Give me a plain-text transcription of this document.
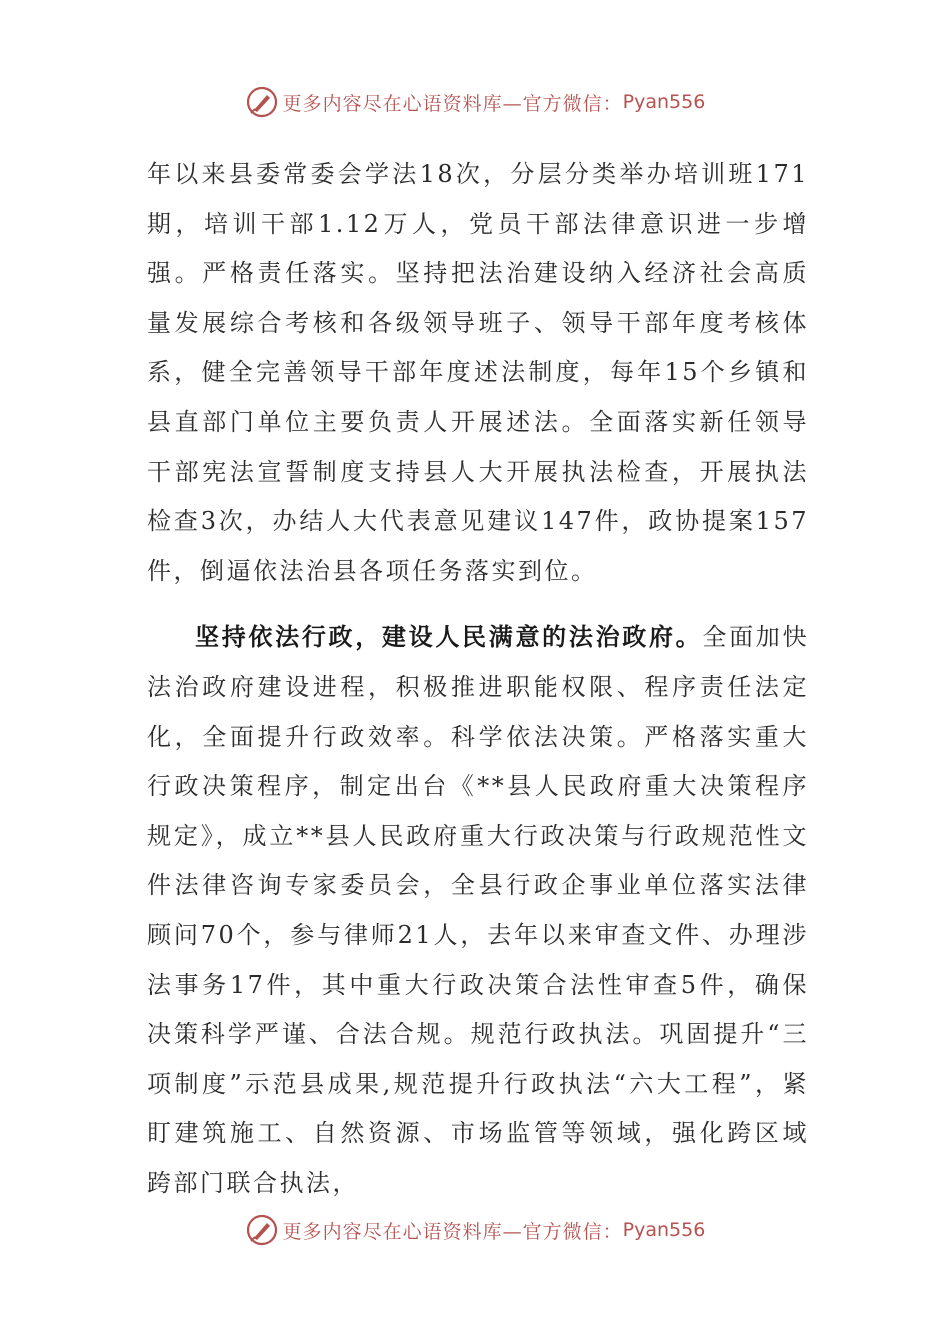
更多内容尽在心语资料库—官方微信： Pyan556

年以来县委常委会学法18次，分层分类举办培训班171期，培训干部1.12万人，党员干部法律意识进一步增强。严格责任落实。坚持把法治建设纳入经济社会高质量发展综合考核和各级领导班子、领导干部年度考核体系，健全完善领导干部年度述法制度，每年15个乡镇和县直部门单位主要负责人开展述法。全面落实新任领导干部宪法宣誓制度支持县人大开展执法检查，开展执法检查3次，办结人大代表意见建议147件，政协提案157件，倒逼依法治县各项任务落实到位。

坚持依法行政，建设人民满意的法治政府。全面加快法治政府建设进程，积极推进职能权限、程序责任法定化，全面提升行政效率。科学依法决策。严格落实重大行政决策程序，制定出台《**县人民政府重大决策程序规定》，成立**县人民政府重大行政决策与行政规范性文件法律咨询专家委员会，全县行政企事业单位落实法律顾问70个，参与律师21人，去年以来审查文件、办理涉法事务17件，其中重大行政决策合法性审查5件，确保决策科学严谨、合法合规。规范行政执法。巩固提升“三项制度”示范县成果,规范提升行政执法“六大工程”，紧盯建筑施工、自然资源、市场监管等领域，强化跨区域跨部门联合执法，

更多内容尽在心语资料库—官方微信： Pyan556
